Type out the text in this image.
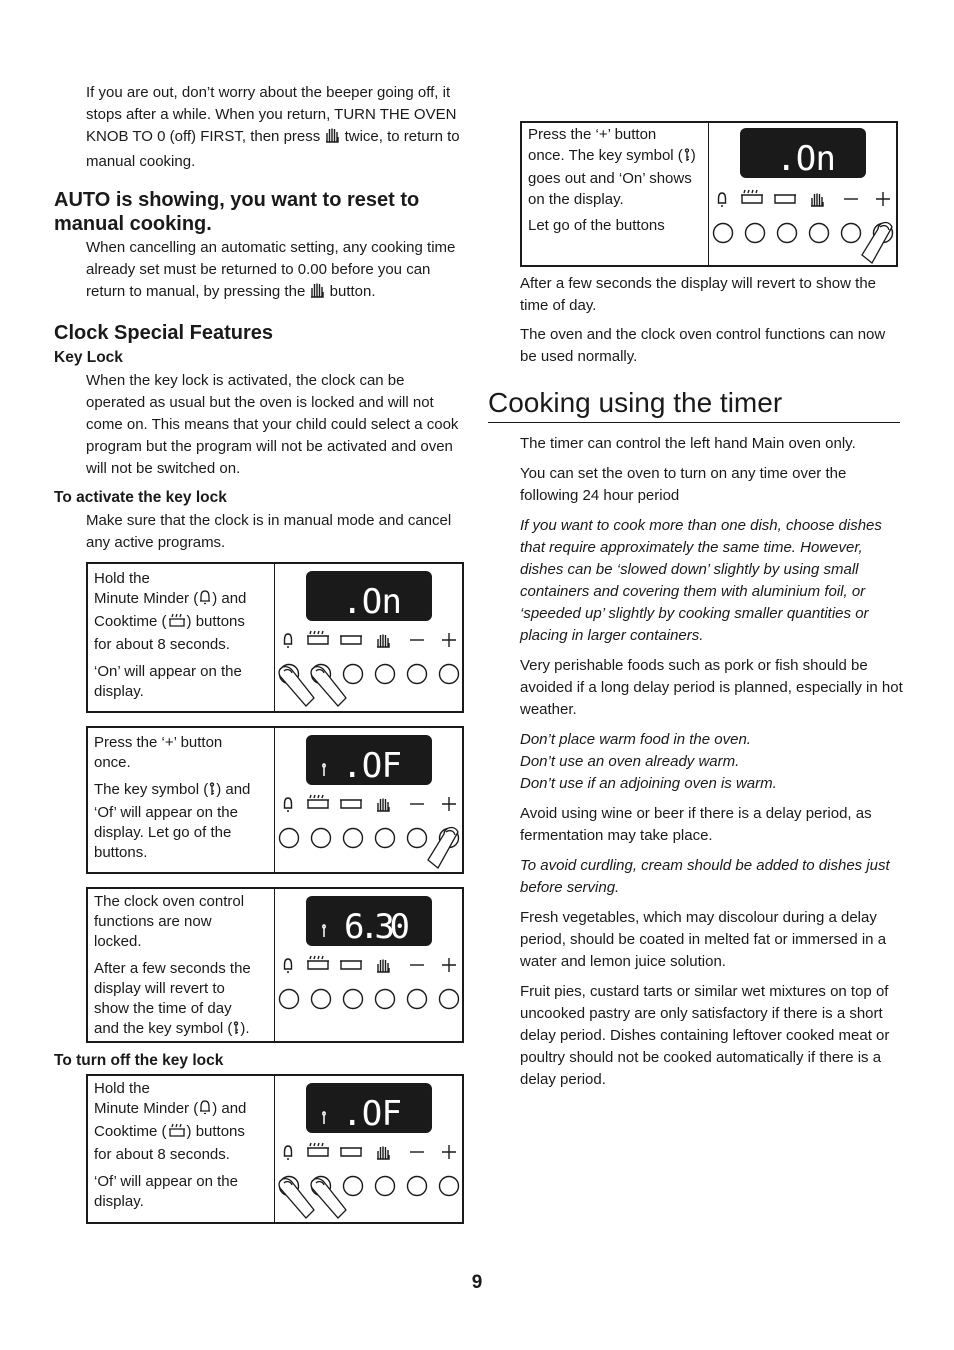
If you are out, don’t worry about the beeper going off, it stops after a while. When you return, TURN THE OVEN KNOB TO 0 (off) FIRST, then press  twice, to return to manual cooking.
AUTO is showing, you want to reset to manual cooking.
When cancelling an automatic setting, any cooking time already set must be returned to 0.00 before you can return to manual, by pressing the  button.
Clock Special Features
Key Lock
When the key lock is activated, the clock can be operated as usual but the oven is locked and will not come on. This means that your child could select a cook program but the program will not be activated and oven will not be switched on.
To activate the key lock
Make sure that the clock is in manual mode and cancel any active programs.
Hold the
Minute Minder ( ) and
Cooktime ( ) buttons
for about 8 seconds.
‘On’ will appear on the
display.
.On
Press the ‘+’ button
once.
The key symbol ( ) and
‘Of’ will appear on the
display. Let go of the
buttons.
.OF
The clock oven control
functions are now
locked.
After a few seconds the
display will revert to
show the time of day
and the key symbol ( ).
6.30
To turn off the key lock
Hold the
Minute Minder ( ) and
Cooktime ( ) buttons
for about 8 seconds.
‘Of’ will appear on the
display.
.OF
Press the ‘+’ button
once. The key symbol ( )
goes out and ‘On’ shows
on the display.
Let go of the buttons
.On
After a few seconds the display will revert to show the time of day.
The oven and the clock oven control functions can now be used normally.
Cooking using the timer

The timer can control the left hand Main oven only.

You can set the oven to turn on any time over the following 24 hour period

If you want to cook more than one dish, choose dishes that require approximately the same time. However, dishes can be ‘slowed down’ slightly by using small containers and covering them with aluminium foil, or ‘speeded up’ slightly by cooking smaller quantities or placing in larger containers.

Very perishable foods such as pork or fish should be avoided if a long delay period is planned, especially in hot weather.

Don’t place warm food in the oven.
Don’t use an oven already warm.
Don’t use if an adjoining oven is warm.

Avoid using wine or beer if there is a delay period, as fermentation may take place.

To avoid curdling, cream should be added to dishes just before serving.

Fresh vegetables, which may discolour during a delay period, should be coated in melted fat or immersed in a water and lemon juice solution.

Fruit pies, custard tarts or similar wet mixtures on top of uncooked pastry are only satisfactory if there is a short delay period. Dishes containing leftover cooked meat or poultry should not be cooked automatically if there is a delay period.

9
